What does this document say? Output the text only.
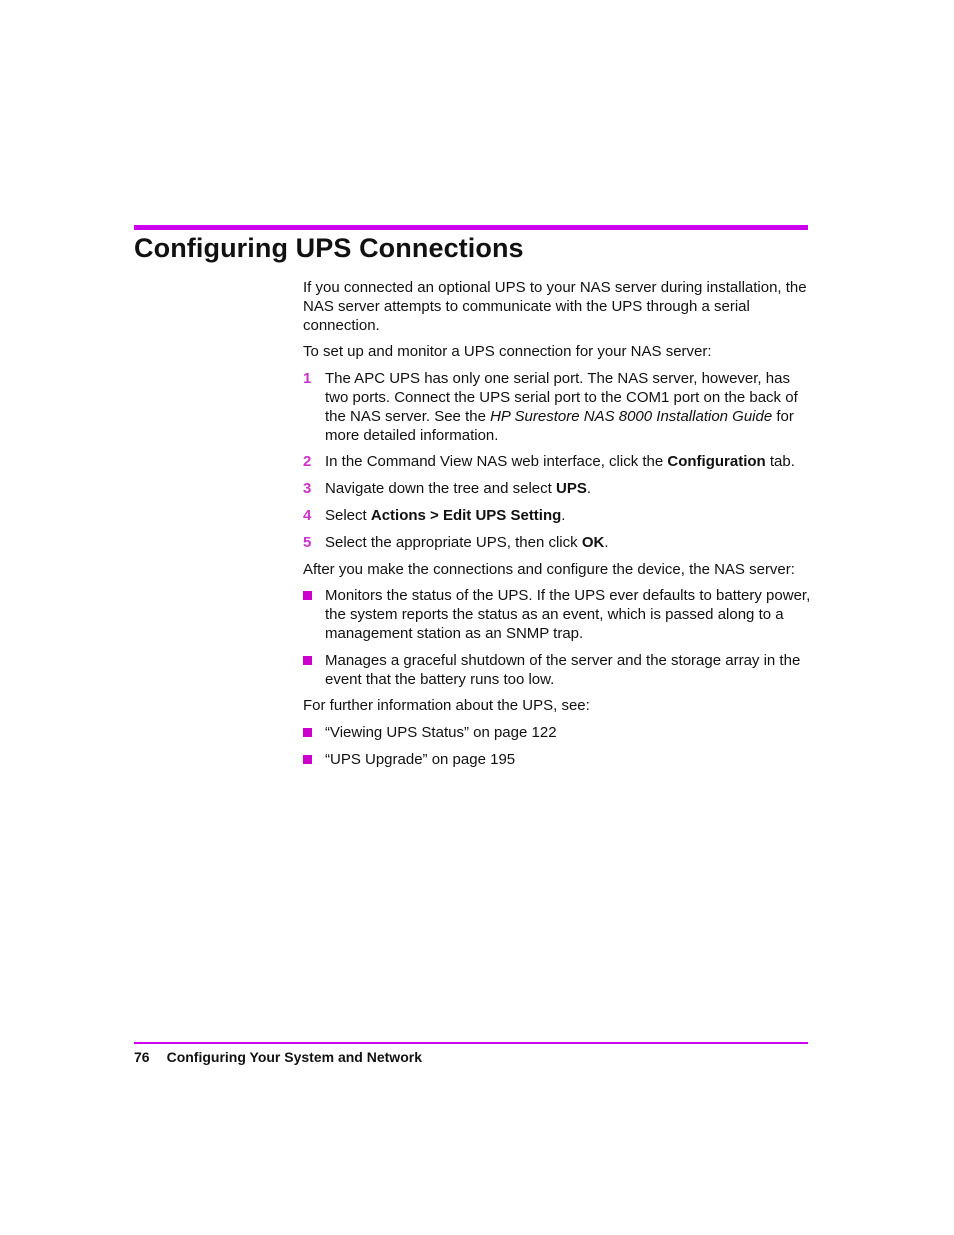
Configuring UPS Connections

If you connected an optional UPS to your NAS server during installation, the NAS server attempts to communicate with the UPS through a serial connection.

To set up and monitor a UPS connection for your NAS server:

1 The APC UPS has only one serial port. The NAS server, however, has two ports. Connect the UPS serial port to the COM1 port on the back of the NAS server. See the HP Surestore NAS 8000 Installation Guide for more detailed information.
2 In the Command View NAS web interface, click the Configuration tab.
3 Navigate down the tree and select UPS.
4 Select Actions > Edit UPS Setting.
5 Select the appropriate UPS, then click OK.

After you make the connections and configure the device, the NAS server:

Monitors the status of the UPS. If the UPS ever defaults to battery power, the system reports the status as an event, which is passed along to a management station as an SNMP trap.
Manages a graceful shutdown of the server and the storage array in the event that the battery runs too low.

For further information about the UPS, see:

“Viewing UPS Status” on page 122
“UPS Upgrade” on page 195
76 Configuring Your System and Network
